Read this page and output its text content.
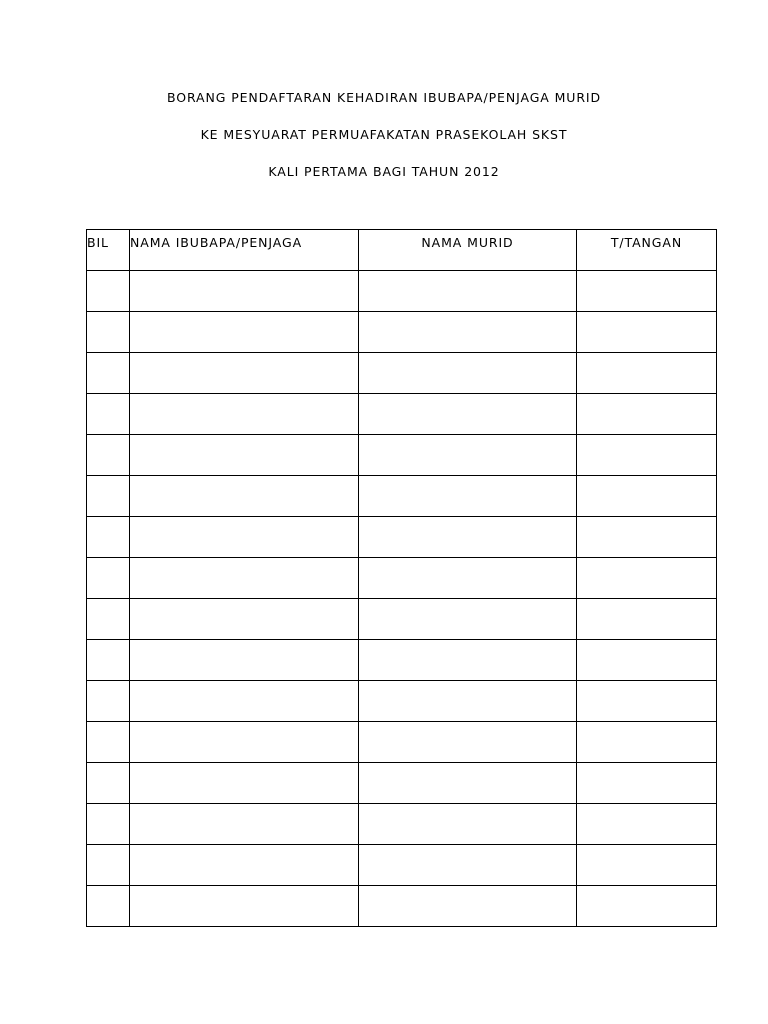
BORANG PENDAFTARAN KEHADIRAN IBUBAPA/PENJAGA MURID
KE MESYUARAT PERMUAFAKATAN PRASEKOLAH SKST
KALI PERTAMA BAGI TAHUN 2012
BIL	NAMA IBUBAPA/PENJAGA	NAMA MURID	T/TANGAN
